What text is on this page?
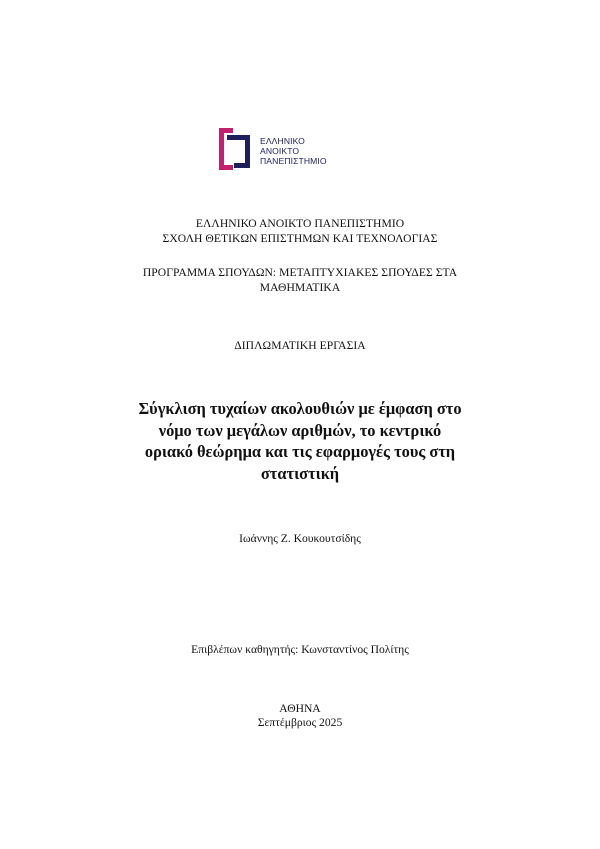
ΕΛΛΗΝΙΚΟ
ΑΝΟΙΚΤΟ
ΠΑΝΕΠΙΣΤΗΜΙΟ
ΕΛΛΗΝΙΚΟ ΑΝΟΙΚΤΟ ΠΑΝΕΠΙΣΤΗΜΙΟ
ΣΧΟΛΗ ΘΕΤΙΚΩΝ ΕΠΙΣΤΗΜΩΝ ΚΑΙ ΤΕΧΝΟΛΟΓΙΑΣ
ΠΡΟΓΡΑΜΜΑ ΣΠΟΥΔΩΝ: ΜΕΤΑΠΤΥΧΙΑΚΕΣ ΣΠΟΥΔΕΣ ΣΤΑ
ΜΑΘΗΜΑΤΙΚΑ
ΔΙΠΛΩΜΑΤΙΚΗ ΕΡΓΑΣΙΑ
Σύγκλιση τυχαίων ακολουθιών με έμφαση στο
νόμο των μεγάλων αριθμών, το κεντρικό
οριακό θεώρημα και τις εφαρμογές τους στη
στατιστική
Ιωάννης Ζ. Κουκουτσίδης
Επιβλέπων καθηγητής: Κωνσταντίνος Πολίτης
ΑΘΗΝΑ
Σεπτέμβριος 2025
